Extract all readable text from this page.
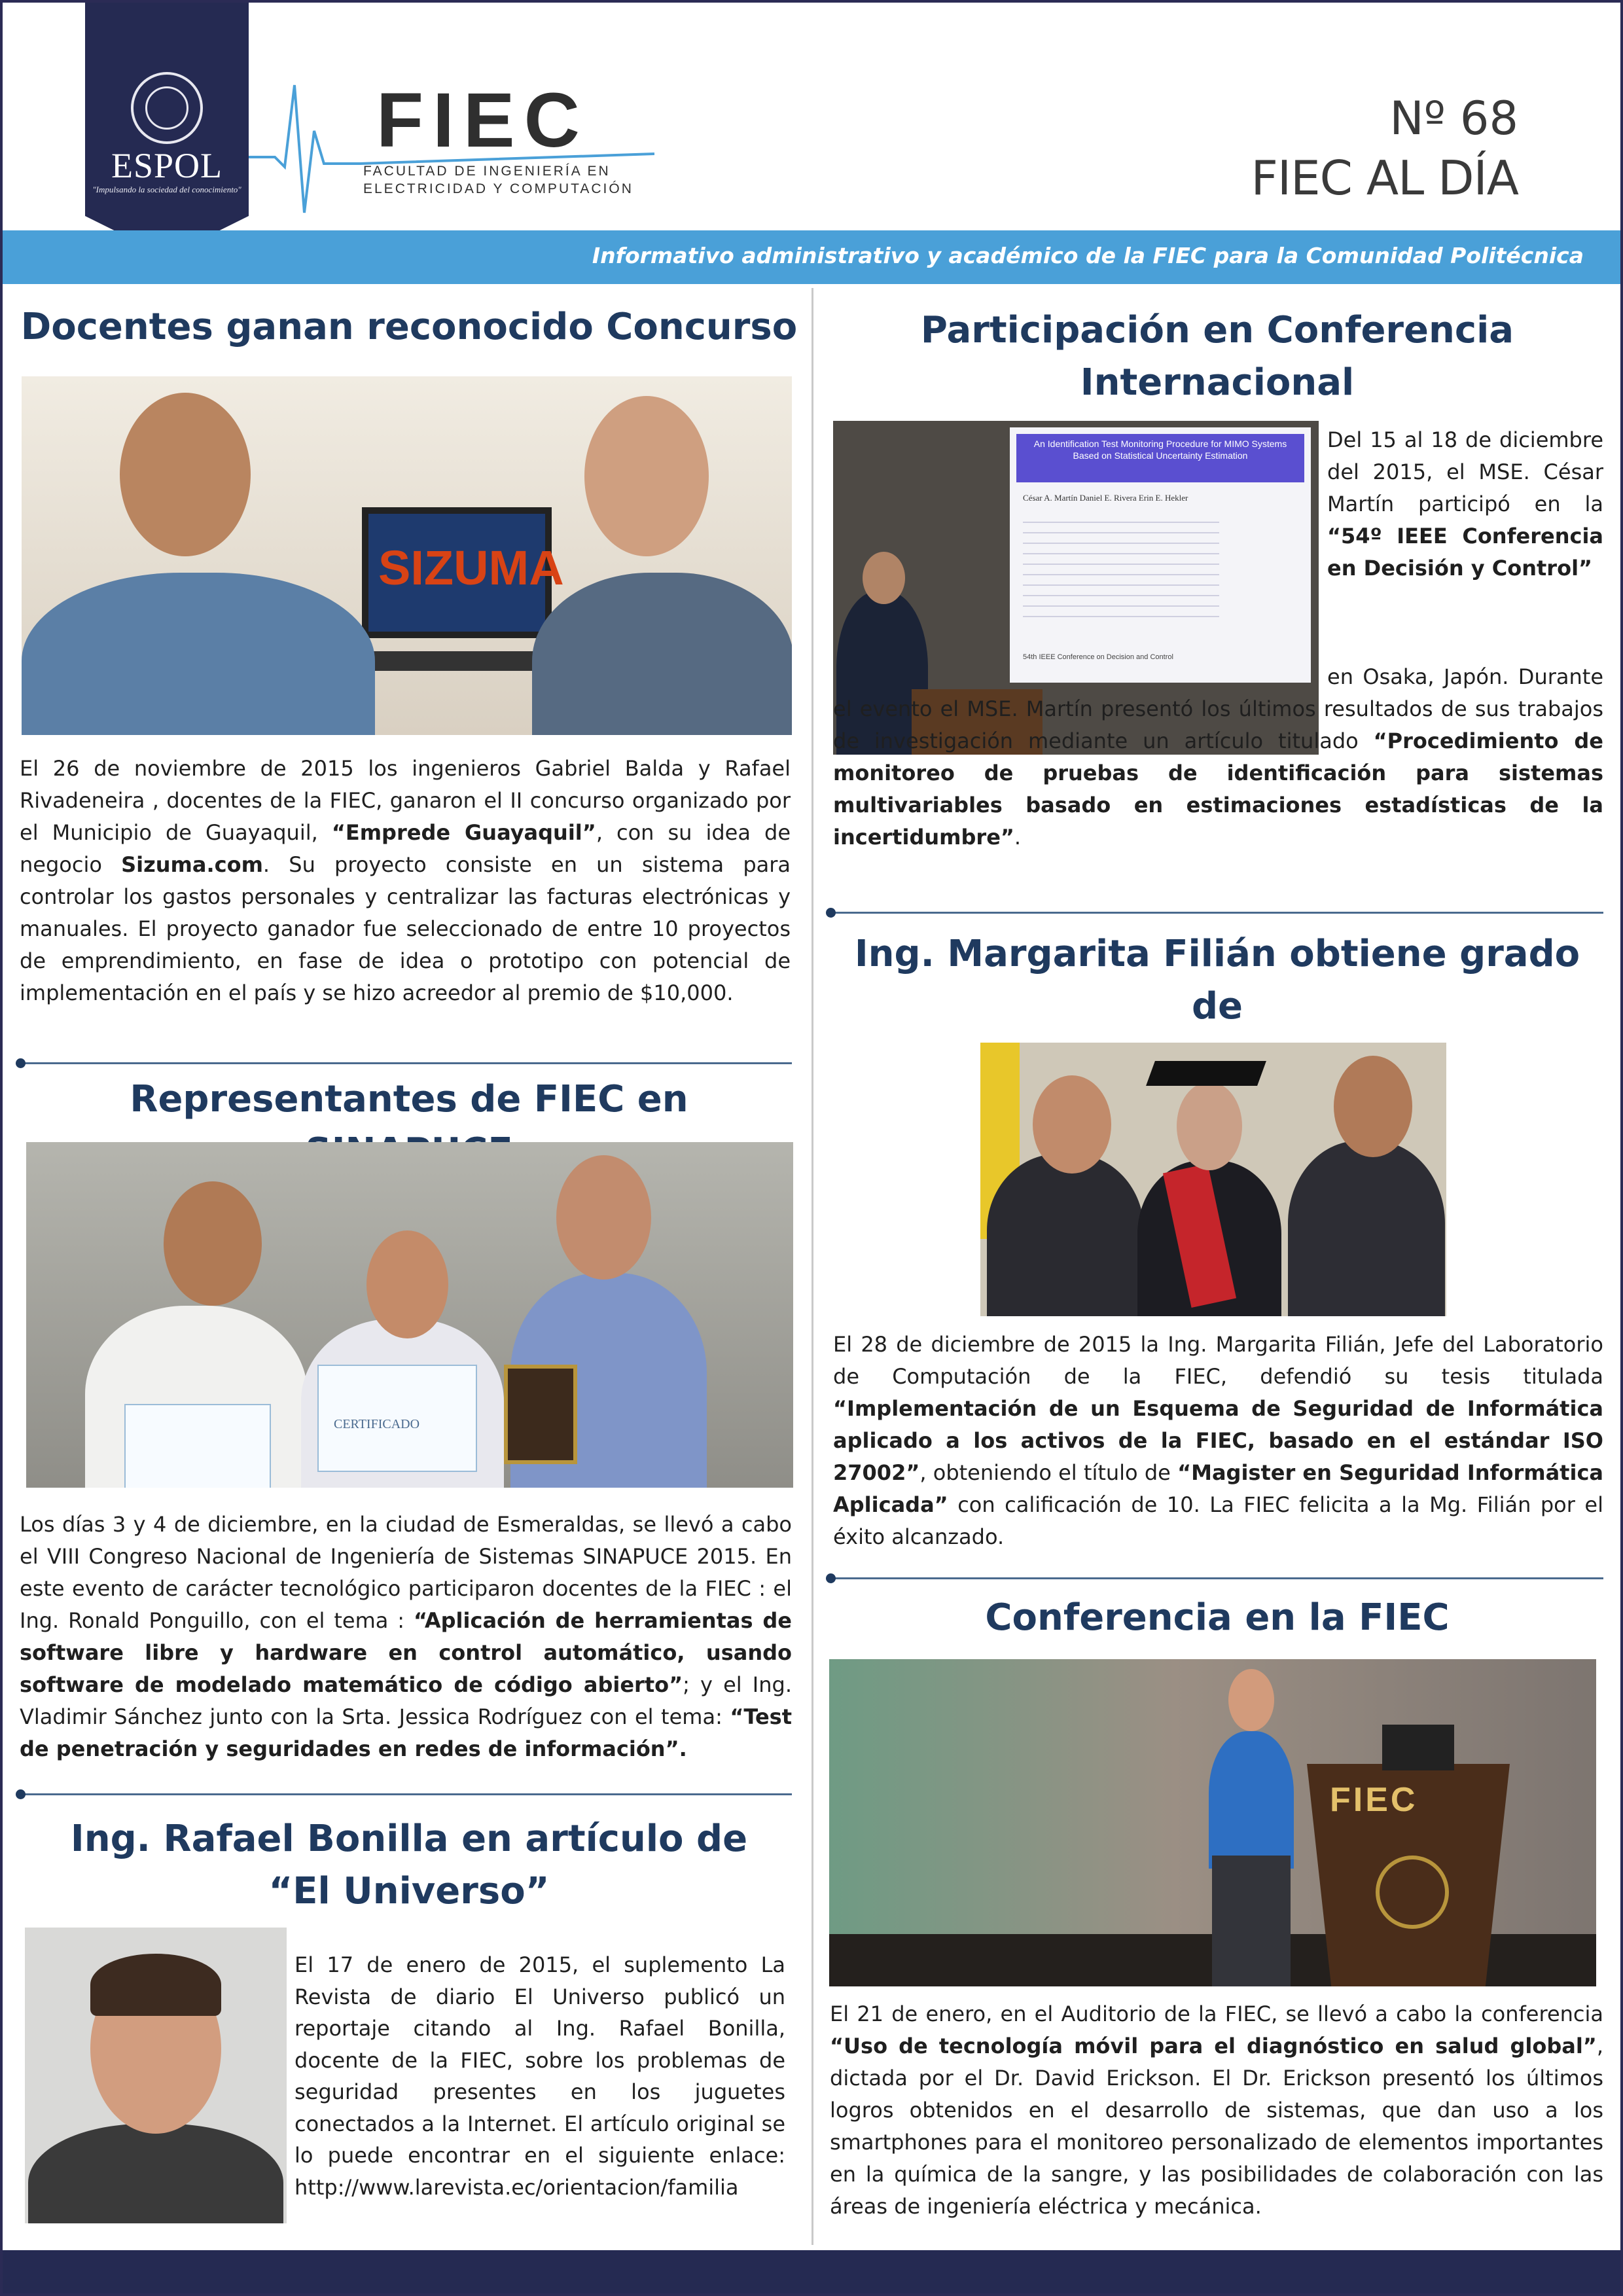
ESPOL
"Impulsando la sociedad del conocimiento"
FIEC
FACULTAD DE INGENIERÍA EN
ELECTRICIDAD Y COMPUTACIÓN
Nº 68
FIEC AL DÍA
Informativo administrativo y académico de la FIEC para la Comunidad Politécnica
Docentes ganan reconocido Concurso
SIZUMA
El 26 de noviembre de 2015 los ingenieros Gabriel Balda y Rafael Rivadeneira , docentes de la FIEC, ganaron el II concurso organizado por el Municipio de Guayaquil, “Emprede Guayaquil”, con su idea de negocio Sizuma.com. Su proyecto consiste en un sistema para controlar los gastos personales y centralizar las facturas electrónicas y manuales. El proyecto ganador fue seleccionado de entre 10 proyectos de emprendimiento, en fase de idea o prototipo con potencial de implementación en el país y se hizo acreedor al premio de $10,000.
Representantes de FIEC en
CERTIFICADO
Los días 3 y 4 de diciembre, en la ciudad de Esmeraldas, se llevó a cabo el VIII Congreso Nacional de Ingeniería de Sistemas SINAPUCE 2015. En este evento de carácter tecnológico participaron docentes de la FIEC : el Ing. Ronald Ponguillo, con el tema : “Aplicación de herramientas de software libre y hardware en control automático, usando software de modelado matemático de código abierto”; y el Ing. Vladimir Sánchez junto con la Srta. Jessica Rodríguez con el tema: “Test de penetración y seguridades en redes de información”.
Ing. Rafael Bonilla en artículo de
“El Universo”
El 17 de enero de 2015, el suplemento La Revista de diario El Universo publicó un reportaje citando al Ing. Rafael Bonilla, docente de la FIEC, sobre los problemas de seguridad presentes en los juguetes conectados a la Internet. El artículo original se lo puede encontrar en el siguiente enlace: http://www.larevista.ec/orientacion/familia
Participación en Conferencia
Internacional
An Identification Test Monitoring Procedure for MIMO Systems Based on Statistical Uncertainty Estimation
César A. Martín Daniel E. Rivera Erin E. Hekler
54th IEEE Conference on Decision and Control
Del 15 al 18 de diciembre del 2015, el MSE. César Martín participó en la “54º IEEE Conferencia en Decisión y Control”
en Osaka, Japón. Durante el evento el MSE. Martín presentó los últimos resultados de sus trabajos de investigación mediante un artículo titulado “Procedimiento de monitoreo de pruebas de identificación para sistemas multivariables basado en estimaciones estadísticas de la incertidumbre”.
Ing. Margarita Filián obtiene grado de
El 28 de diciembre de 2015 la Ing. Margarita Filián, Jefe del Laboratorio de Computación de la FIEC, defendió su tesis titulada “Implementación de un Esquema de Seguridad de Informática aplicado a los activos de la FIEC, basado en el estándar ISO 27002”, obteniendo el título de “Magister en Seguridad Informática Aplicada” con calificación de 10. La FIEC felicita a la Mg. Filián por el éxito alcanzado.
Conferencia en la FIEC
FIEC
El 21 de enero, en el Auditorio de la FIEC, se llevó a cabo la conferencia “Uso de tecnología móvil para el diagnóstico en salud global”, dictada por el Dr. David Erickson. El Dr. Erickson presentó los últimos logros obtenidos en el desarrollo de sistemas, que dan uso a los smartphones para el monitoreo personalizado de elementos importantes en la química de la sangre, y las posibilidades de colaboración con las áreas de ingeniería eléctrica y mecánica.
